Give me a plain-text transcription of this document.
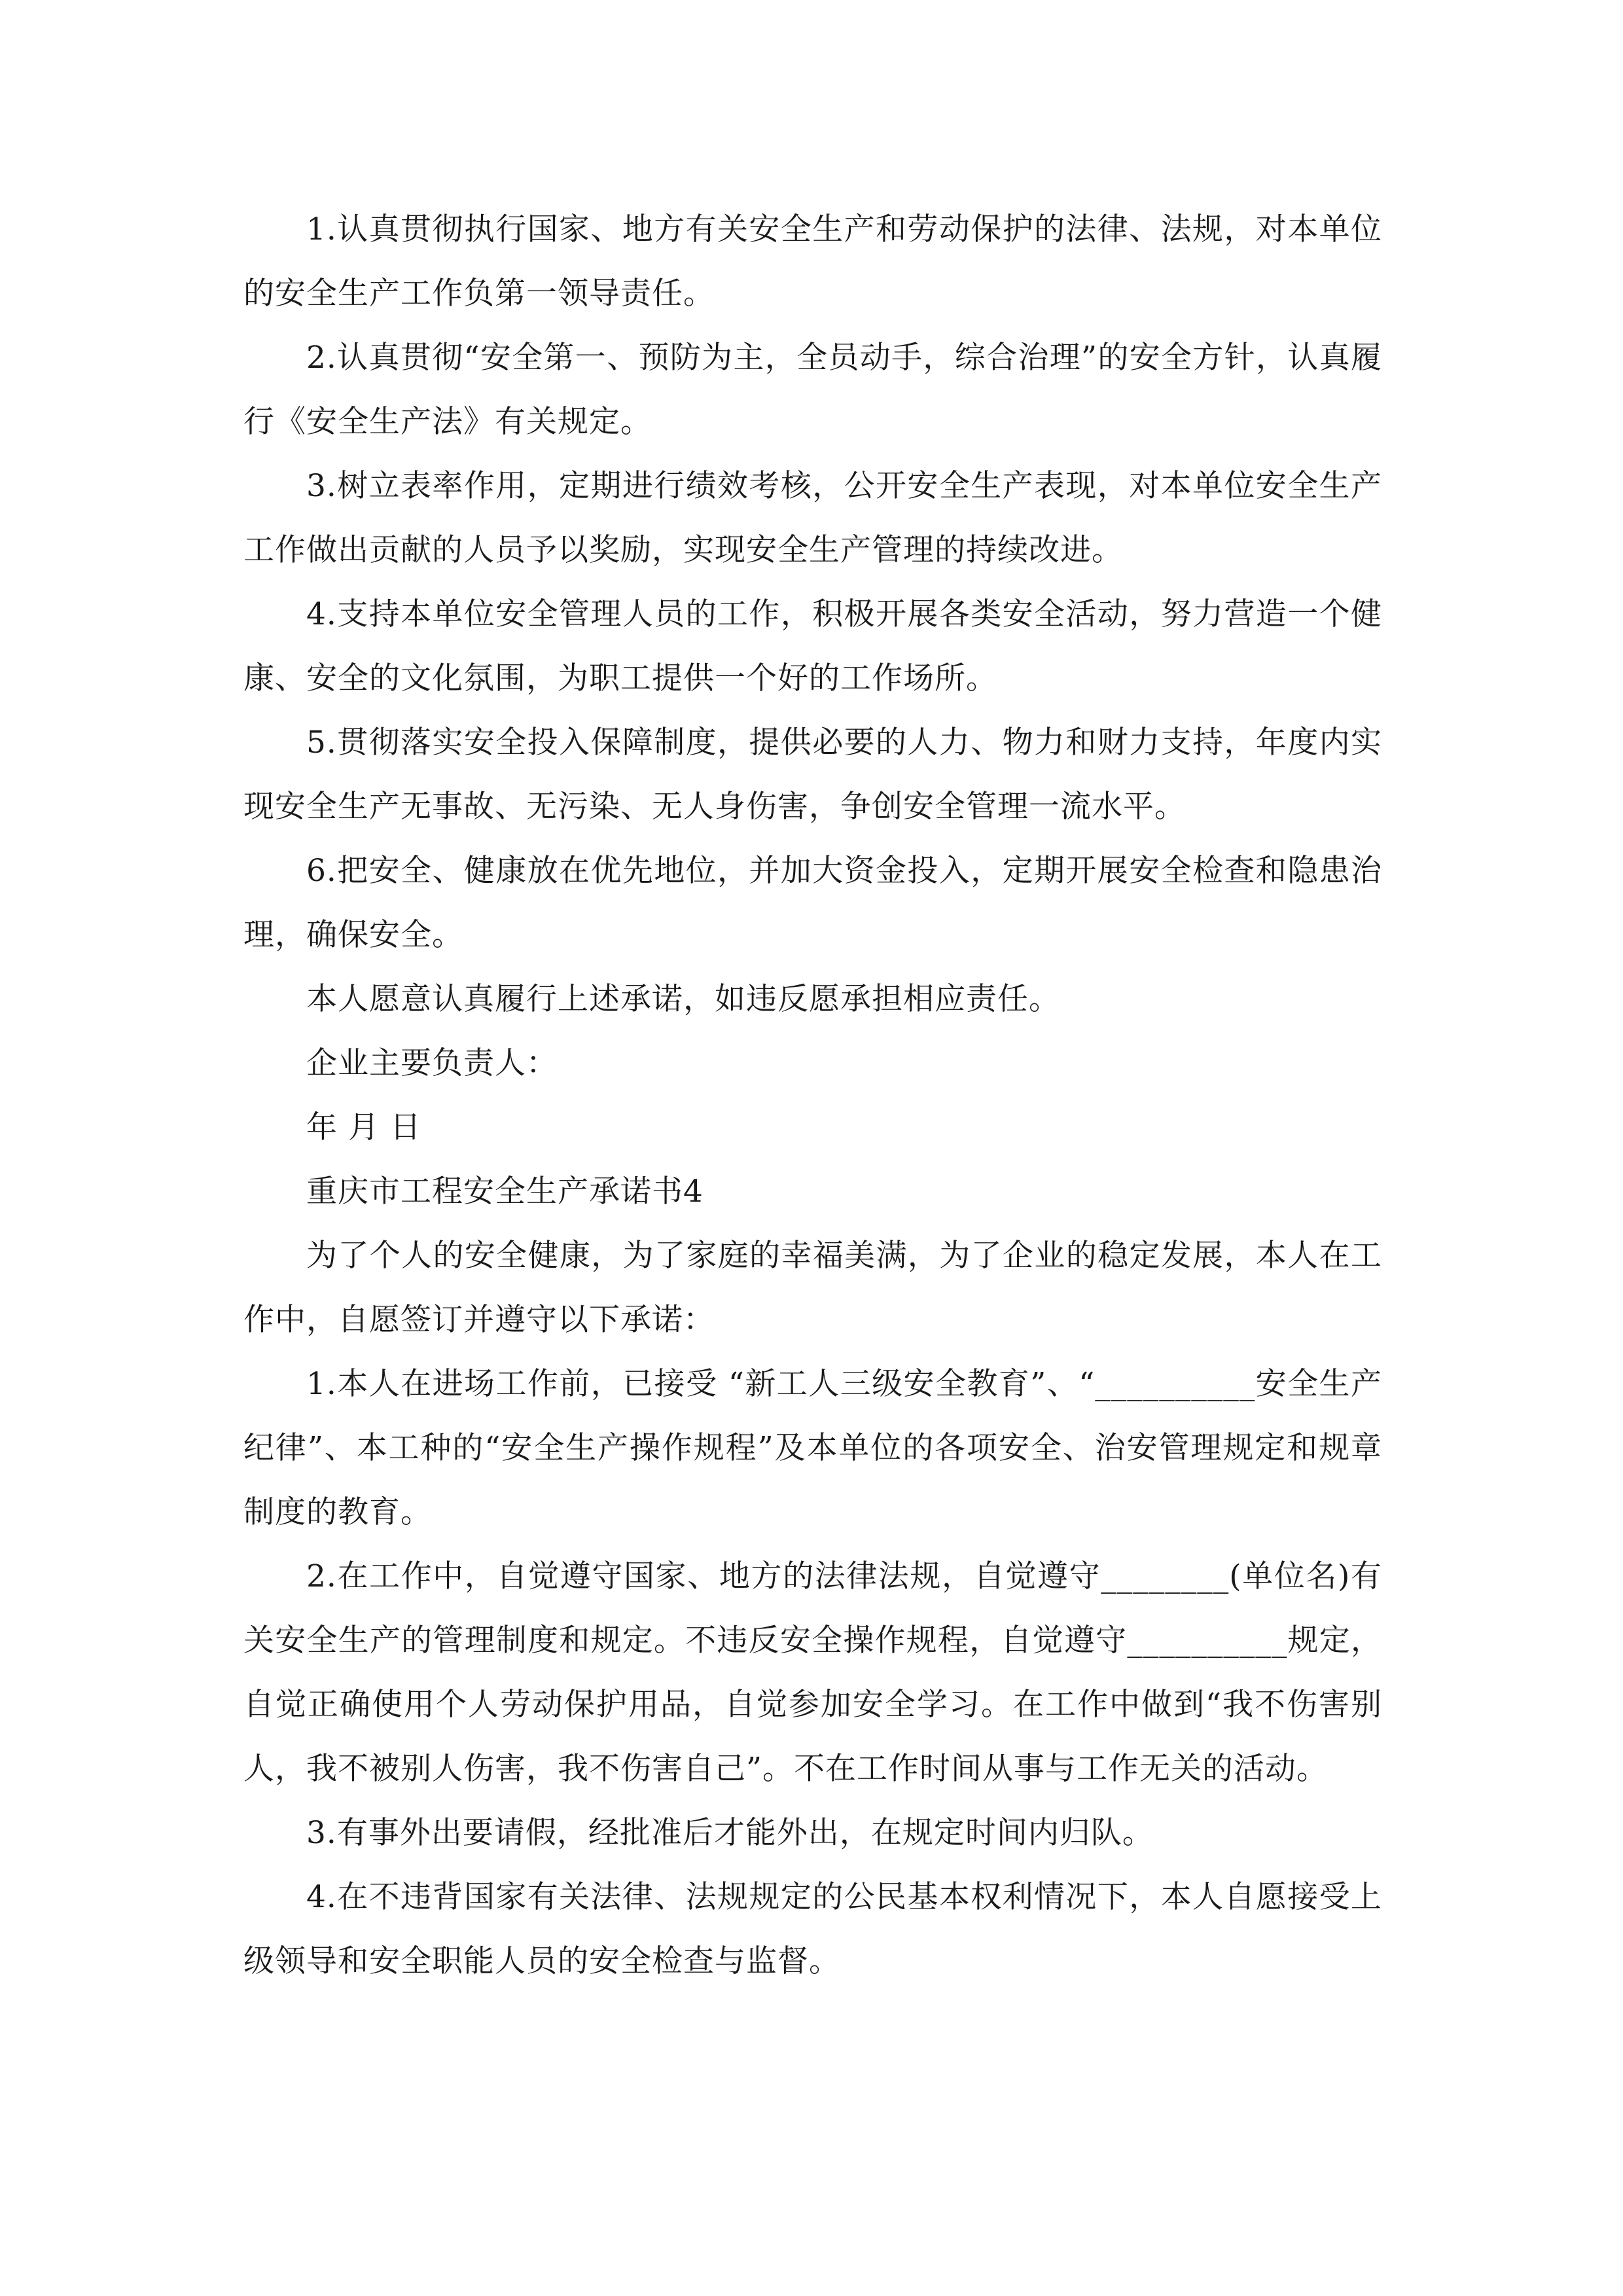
1.认真贯彻执行国家、地方有关安全生产和劳动保护的法律、法规，对本单位的安全生产工作负第一领导责任。

2.认真贯彻“安全第一、预防为主，全员动手，综合治理”的安全方针，认真履行《安全生产法》有关规定。

3.树立表率作用，定期进行绩效考核，公开安全生产表现，对本单位安全生产工作做出贡献的人员予以奖励，实现安全生产管理的持续改进。

4.支持本单位安全管理人员的工作，积极开展各类安全活动，努力营造一个健康、安全的文化氛围，为职工提供一个好的工作场所。

5.贯彻落实安全投入保障制度，提供必要的人力、物力和财力支持，年度内实现安全生产无事故、无污染、无人身伤害，争创安全管理一流水平。

6.把安全、健康放在优先地位，并加大资金投入，定期开展安全检查和隐患治理，确保安全。

本人愿意认真履行上述承诺，如违反愿承担相应责任。

企业主要负责人：

年 月 日

重庆市工程安全生产承诺书4

为了个人的安全健康，为了家庭的幸福美满，为了企业的稳定发展，本人在工作中，自愿签订并遵守以下承诺：

1.本人在进场工作前，已接受 “新工人三级安全教育”、“__________安全生产纪律”、本工种的“安全生产操作规程”及本单位的各项安全、治安管理规定和规章制度的教育。

2.在工作中，自觉遵守国家、地方的法律法规，自觉遵守________(单位名)有关安全生产的管理制度和规定。不违反安全操作规程，自觉遵守__________规定，自觉正确使用个人劳动保护用品，自觉参加安全学习。在工作中做到“我不伤害别人，我不被别人伤害，我不伤害自己”。不在工作时间从事与工作无关的活动。

3.有事外出要请假，经批准后才能外出，在规定时间内归队。

4.在不违背国家有关法律、法规规定的公民基本权利情况下，本人自愿接受上级领导和安全职能人员的安全检查与监督。
